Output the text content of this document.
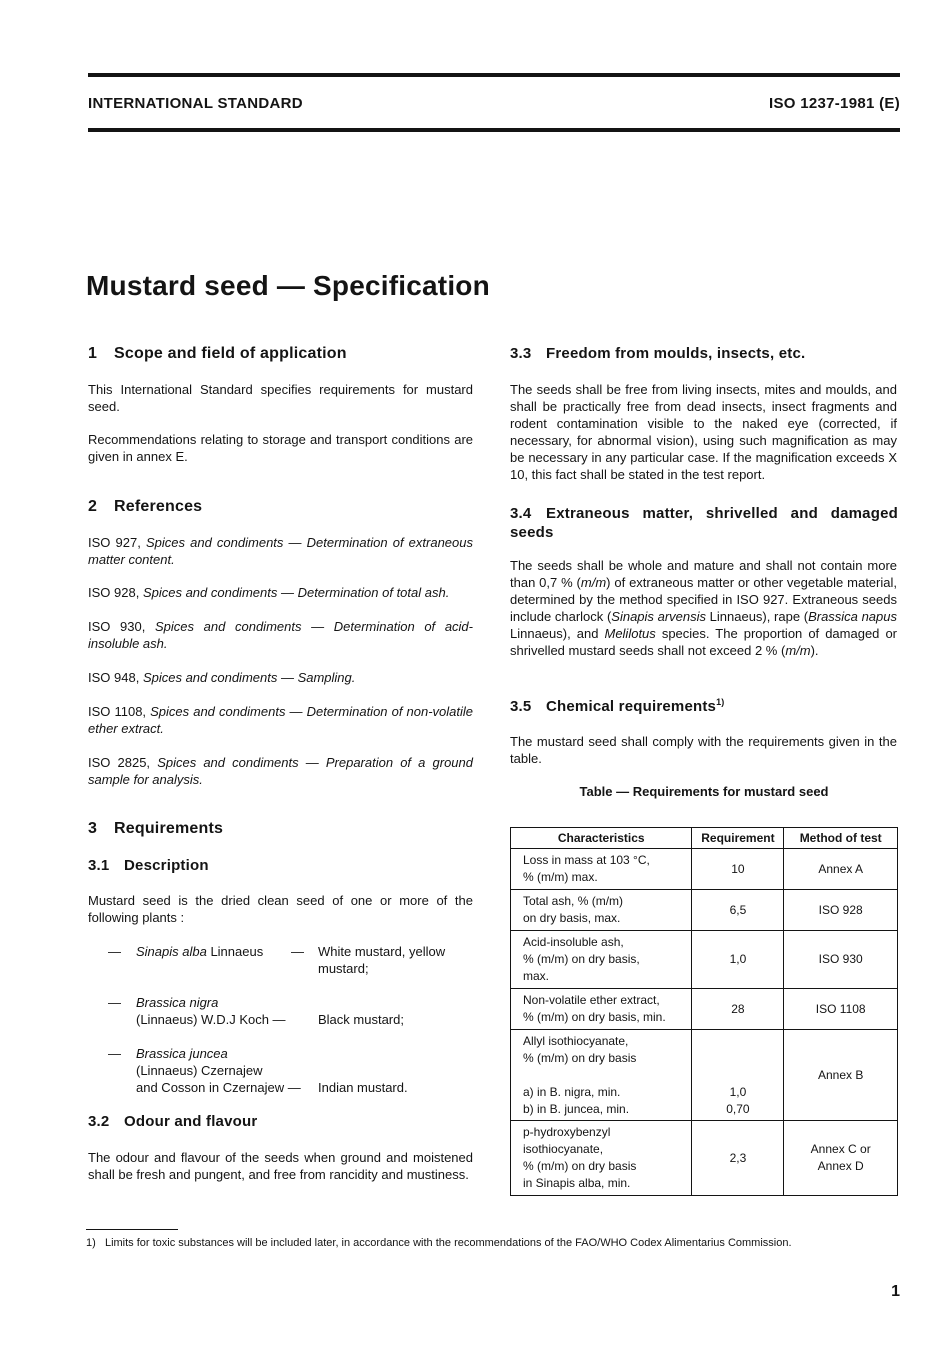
INTERNATIONAL STANDARD	ISO 1237-1981 (E)
Mustard seed — Specification
1 Scope and field of application
This International Standard specifies requirements for mustard seed.
Recommendations relating to storage and transport conditions are given in annex E.
2 References
ISO 927, Spices and condiments — Determination of extraneous matter content.
ISO 928, Spices and condiments — Determination of total ash.
ISO 930, Spices and condiments — Determination of acid-insoluble ash.
ISO 948, Spices and condiments — Sampling.
ISO 1108, Spices and condiments — Determination of non-volatile ether extract.
ISO 2825, Spices and condiments — Preparation of a ground sample for analysis.
3 Requirements
3.1 Description
Mustard seed is the dried clean seed of one or more of the following plants :
— Sinapis alba Linnaeus — White mustard, yellow
mustard;
— Brassica nigra
(Linnaeus) W.D.J Koch — Black mustard;
— Brassica juncea
(Linnaeus) Czernajew
and Cosson in Czernajew — Indian mustard.
3.2 Odour and flavour
The odour and flavour of the seeds when ground and moistened shall be fresh and pungent, and free from rancidity and mustiness.
3.3 Freedom from moulds, insects, etc.
The seeds shall be free from living insects, mites and moulds, and shall be practically free from dead insects, insect fragments and rodent contamination visible to the naked eye (corrected, if necessary, for abnormal vision), using such magnification as may be necessary in any particular case. If the magnification exceeds X 10, this fact shall be stated in the test report.
3.4 Extraneous matter, shrivelled and damaged seeds
The seeds shall be whole and mature and shall not contain more than 0,7 % (m/m) of extraneous matter or other vegetable material, determined by the method specified in ISO 927. Extraneous seeds include charlock (Sinapis arvensis Linnaeus), rape (Brassica napus Linnaeus), and Melilotus species. The proportion of damaged or shrivelled mustard seeds shall not exceed 2 % (m/m).
3.5 Chemical requirements$^{1)}$
The mustard seed shall comply with the requirements given in the table.
Table — Requirements for mustard seed
Characteristics	Requirement	Method of test
Loss in mass at 103 °C,
% (m/m) max.	10	Annex A
Total ash, % (m/m)
on dry basis, max.	6,5	ISO 928
Acid-insoluble ash,
% (m/m) on dry basis,
max.	1,0	ISO 930
Non-volatile ether extract,
% (m/m) on dry basis, min.	28	ISO 1108
Allyl isothiocyanate,
% (m/m) on dry basis

a) in B. nigra, min.
b) in B. juncea, min.	1,0
0,70	Annex B
p-hydroxybenzyl
isothiocyanate,
% (m/m) on dry basis
in Sinapis alba, min.	2,3	Annex C or
Annex D
1) Limits for toxic substances will be included later, in accordance with the recommendations of the FAO/WHO Codex Alimentarius Commission.
1
